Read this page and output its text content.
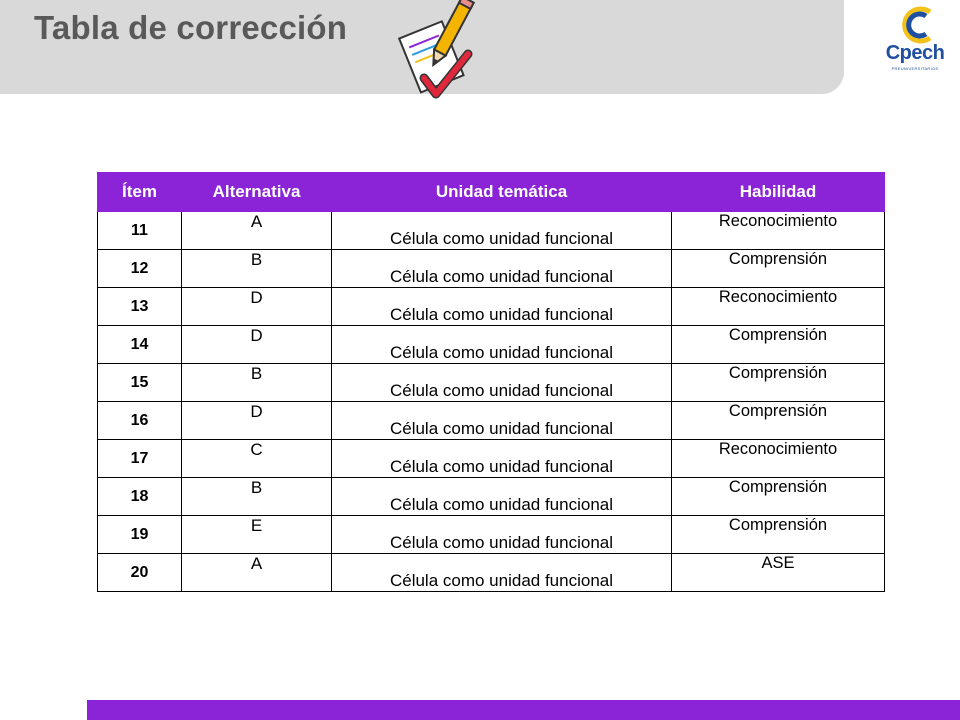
Tabla de corrección
Cpech
PREUNIVERSITARIOS
Ítem	Alternativa	Unidad temática	Habilidad
11	A	Célula como unidad funcional	Reconocimiento
12	B	Célula como unidad funcional	Comprensión
13	D	Célula como unidad funcional	Reconocimiento
14	D	Célula como unidad funcional	Comprensión
15	B	Célula como unidad funcional	Comprensión
16	D	Célula como unidad funcional	Comprensión
17	C	Célula como unidad funcional	Reconocimiento
18	B	Célula como unidad funcional	Comprensión
19	E	Célula como unidad funcional	Comprensión
20	A	Célula como unidad funcional	ASE
